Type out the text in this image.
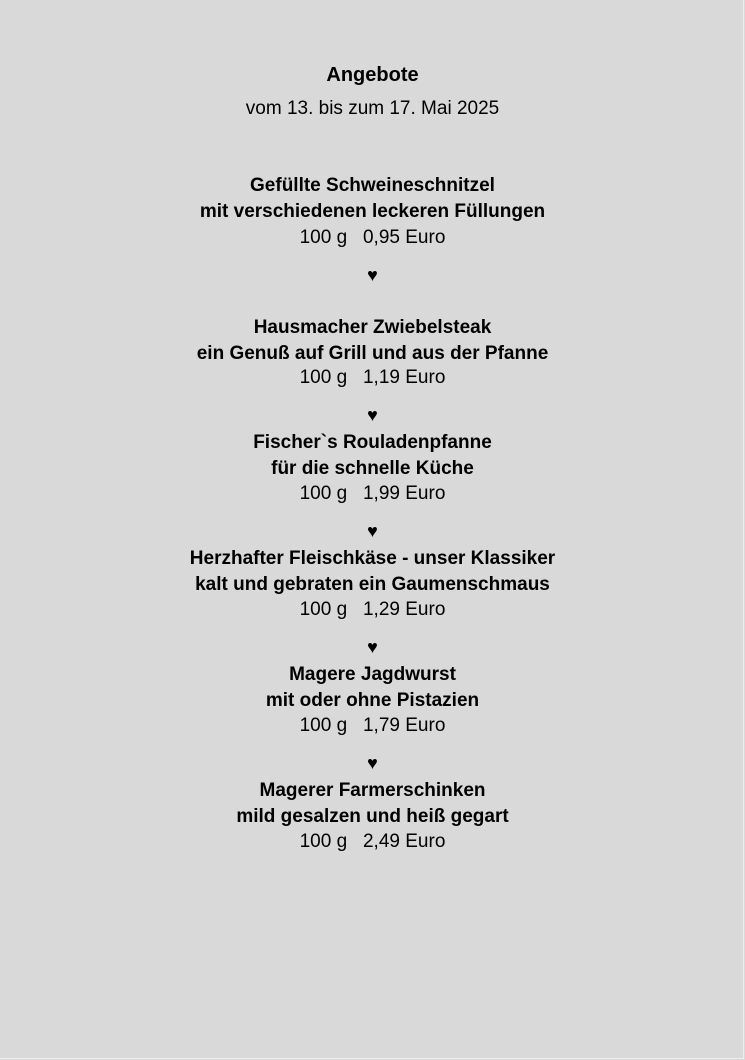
Angebote
vom 13. bis zum 17. Mai 2025
Gefüllte Schweineschnitzel
mit verschiedenen leckeren Füllungen
100 g   0,95 Euro
♥
Hausmacher Zwiebelsteak
ein Genuß auf Grill und aus der Pfanne
100 g   1,19 Euro
♥
Fischer`s Rouladenpfanne
für die schnelle Küche
100 g   1,99 Euro
♥
Herzhafter Fleischkäse - unser Klassiker
kalt und gebraten ein Gaumenschmaus
100 g   1,29 Euro
♥
Magere Jagdwurst
mit oder ohne Pistazien
100 g   1,79 Euro
♥
Magerer Farmerschinken
mild gesalzen und heiß gegart
100 g   2,49 Euro
